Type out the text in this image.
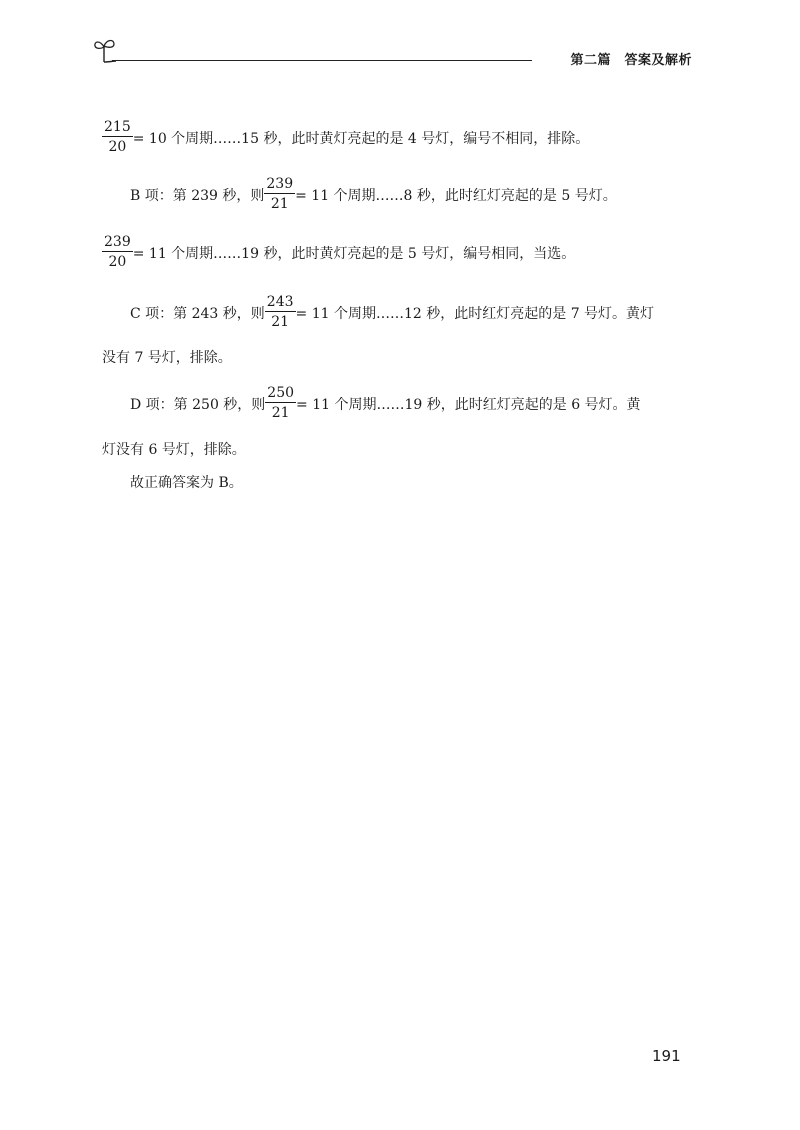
第二篇　答案及解析
$\frac{215}{20} = 10$ 个周期……15 秒，此时黄灯亮起的是 4 号灯，编号不相同，排除。
B 项：第 239 秒，则 $\frac{239}{21} = 11$ 个周期……8 秒，此时红灯亮起的是 5 号灯。
$\frac{239}{20} = 11$ 个周期……19 秒，此时黄灯亮起的是 5 号灯，编号相同，当选。
C 项：第 243 秒，则 $\frac{243}{21} = 11$ 个周期……12 秒，此时红灯亮起的是 7 号灯。黄灯
没有 7 号灯，排除。
D 项：第 250 秒，则 $\frac{250}{21} = 11$ 个周期……19 秒，此时红灯亮起的是 6 号灯。黄
灯没有 6 号灯，排除。
故正确答案为 B。
191
